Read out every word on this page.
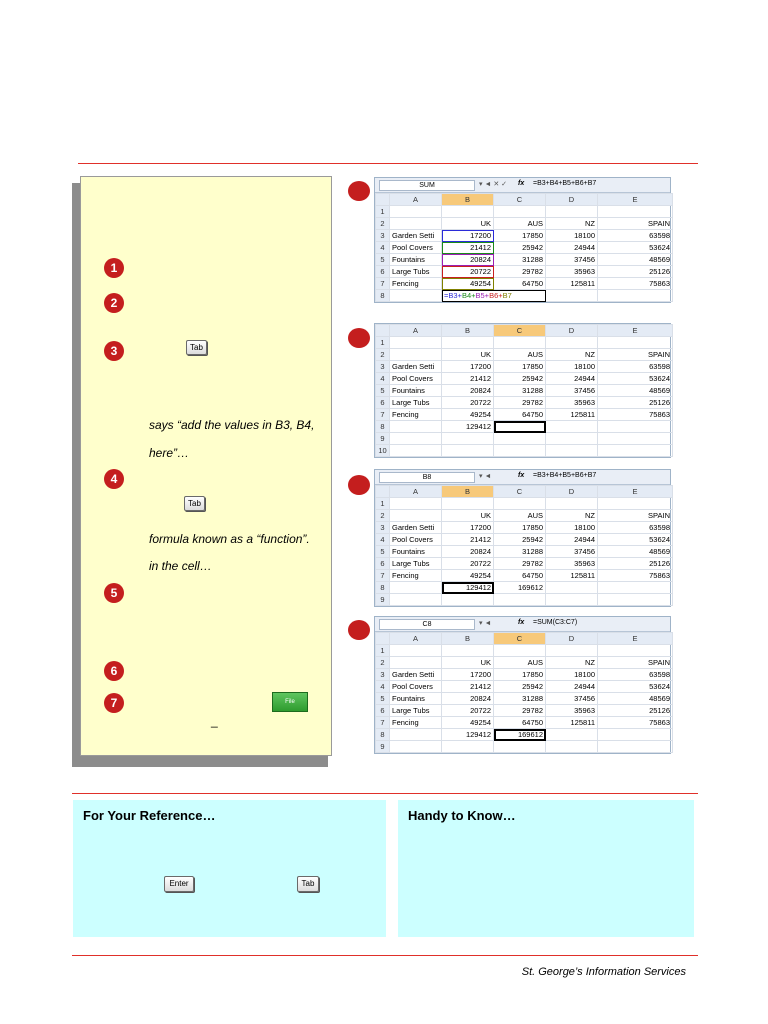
1
2
3	Tab
says “add the values in B3, B4,
here”…
4
Tab
formula known as a “function”.
in the cell…
5
6
7	File
_
SUM	▾ ◄ ✕ ✓ fx =B3+B4+B5+B6+B7
	A	B	C	D	E
1					
2		UK	AUS	NZ	SPAIN
3	Garden Setti	17200	17850	18100	63598
4	Pool Covers	21412	25942	24944	53624
5	Fountains	20824	31288	37456	48569
6	Large Tubs	20722	29782	35963	25126
7	Fencing	49254	64750	125811	75863
8		=B3+B4+B5+B6+B7			
	A	B	C	D	E
1					
2		UK	AUS	NZ	SPAIN
3	Garden Setti	17200	17850	18100	63598
4	Pool Covers	21412	25942	24944	53624
5	Fountains	20824	31288	37456	48569
6	Large Tubs	20722	29782	35963	25126
7	Fencing	49254	64750	125811	75863
8		129412			
9					
10					
B8	▾ ◄	fx =B3+B4+B5+B6+B7
	A	B	C	D	E
1					
2		UK	AUS	NZ	SPAIN
3	Garden Setti	17200	17850	18100	63598
4	Pool Covers	21412	25942	24944	53624
5	Fountains	20824	31288	37456	48569
6	Large Tubs	20722	29782	35963	25126
7	Fencing	49254	64750	125811	75863
8		129412	169612		
9					
C8	▾ ◄	fx =SUM(C3:C7)
	A	B	C	D	E
1					
2		UK	AUS	NZ	SPAIN
3	Garden Setti	17200	17850	18100	63598
4	Pool Covers	21412	25942	24944	53624
5	Fountains	20824	31288	37456	48569
6	Large Tubs	20722	29782	35963	25126
7	Fencing	49254	64750	125811	75863
8		129412	169612		
9					
For Your Reference…
Enter	Tab
Handy to Know…
St. George’s Information Services
